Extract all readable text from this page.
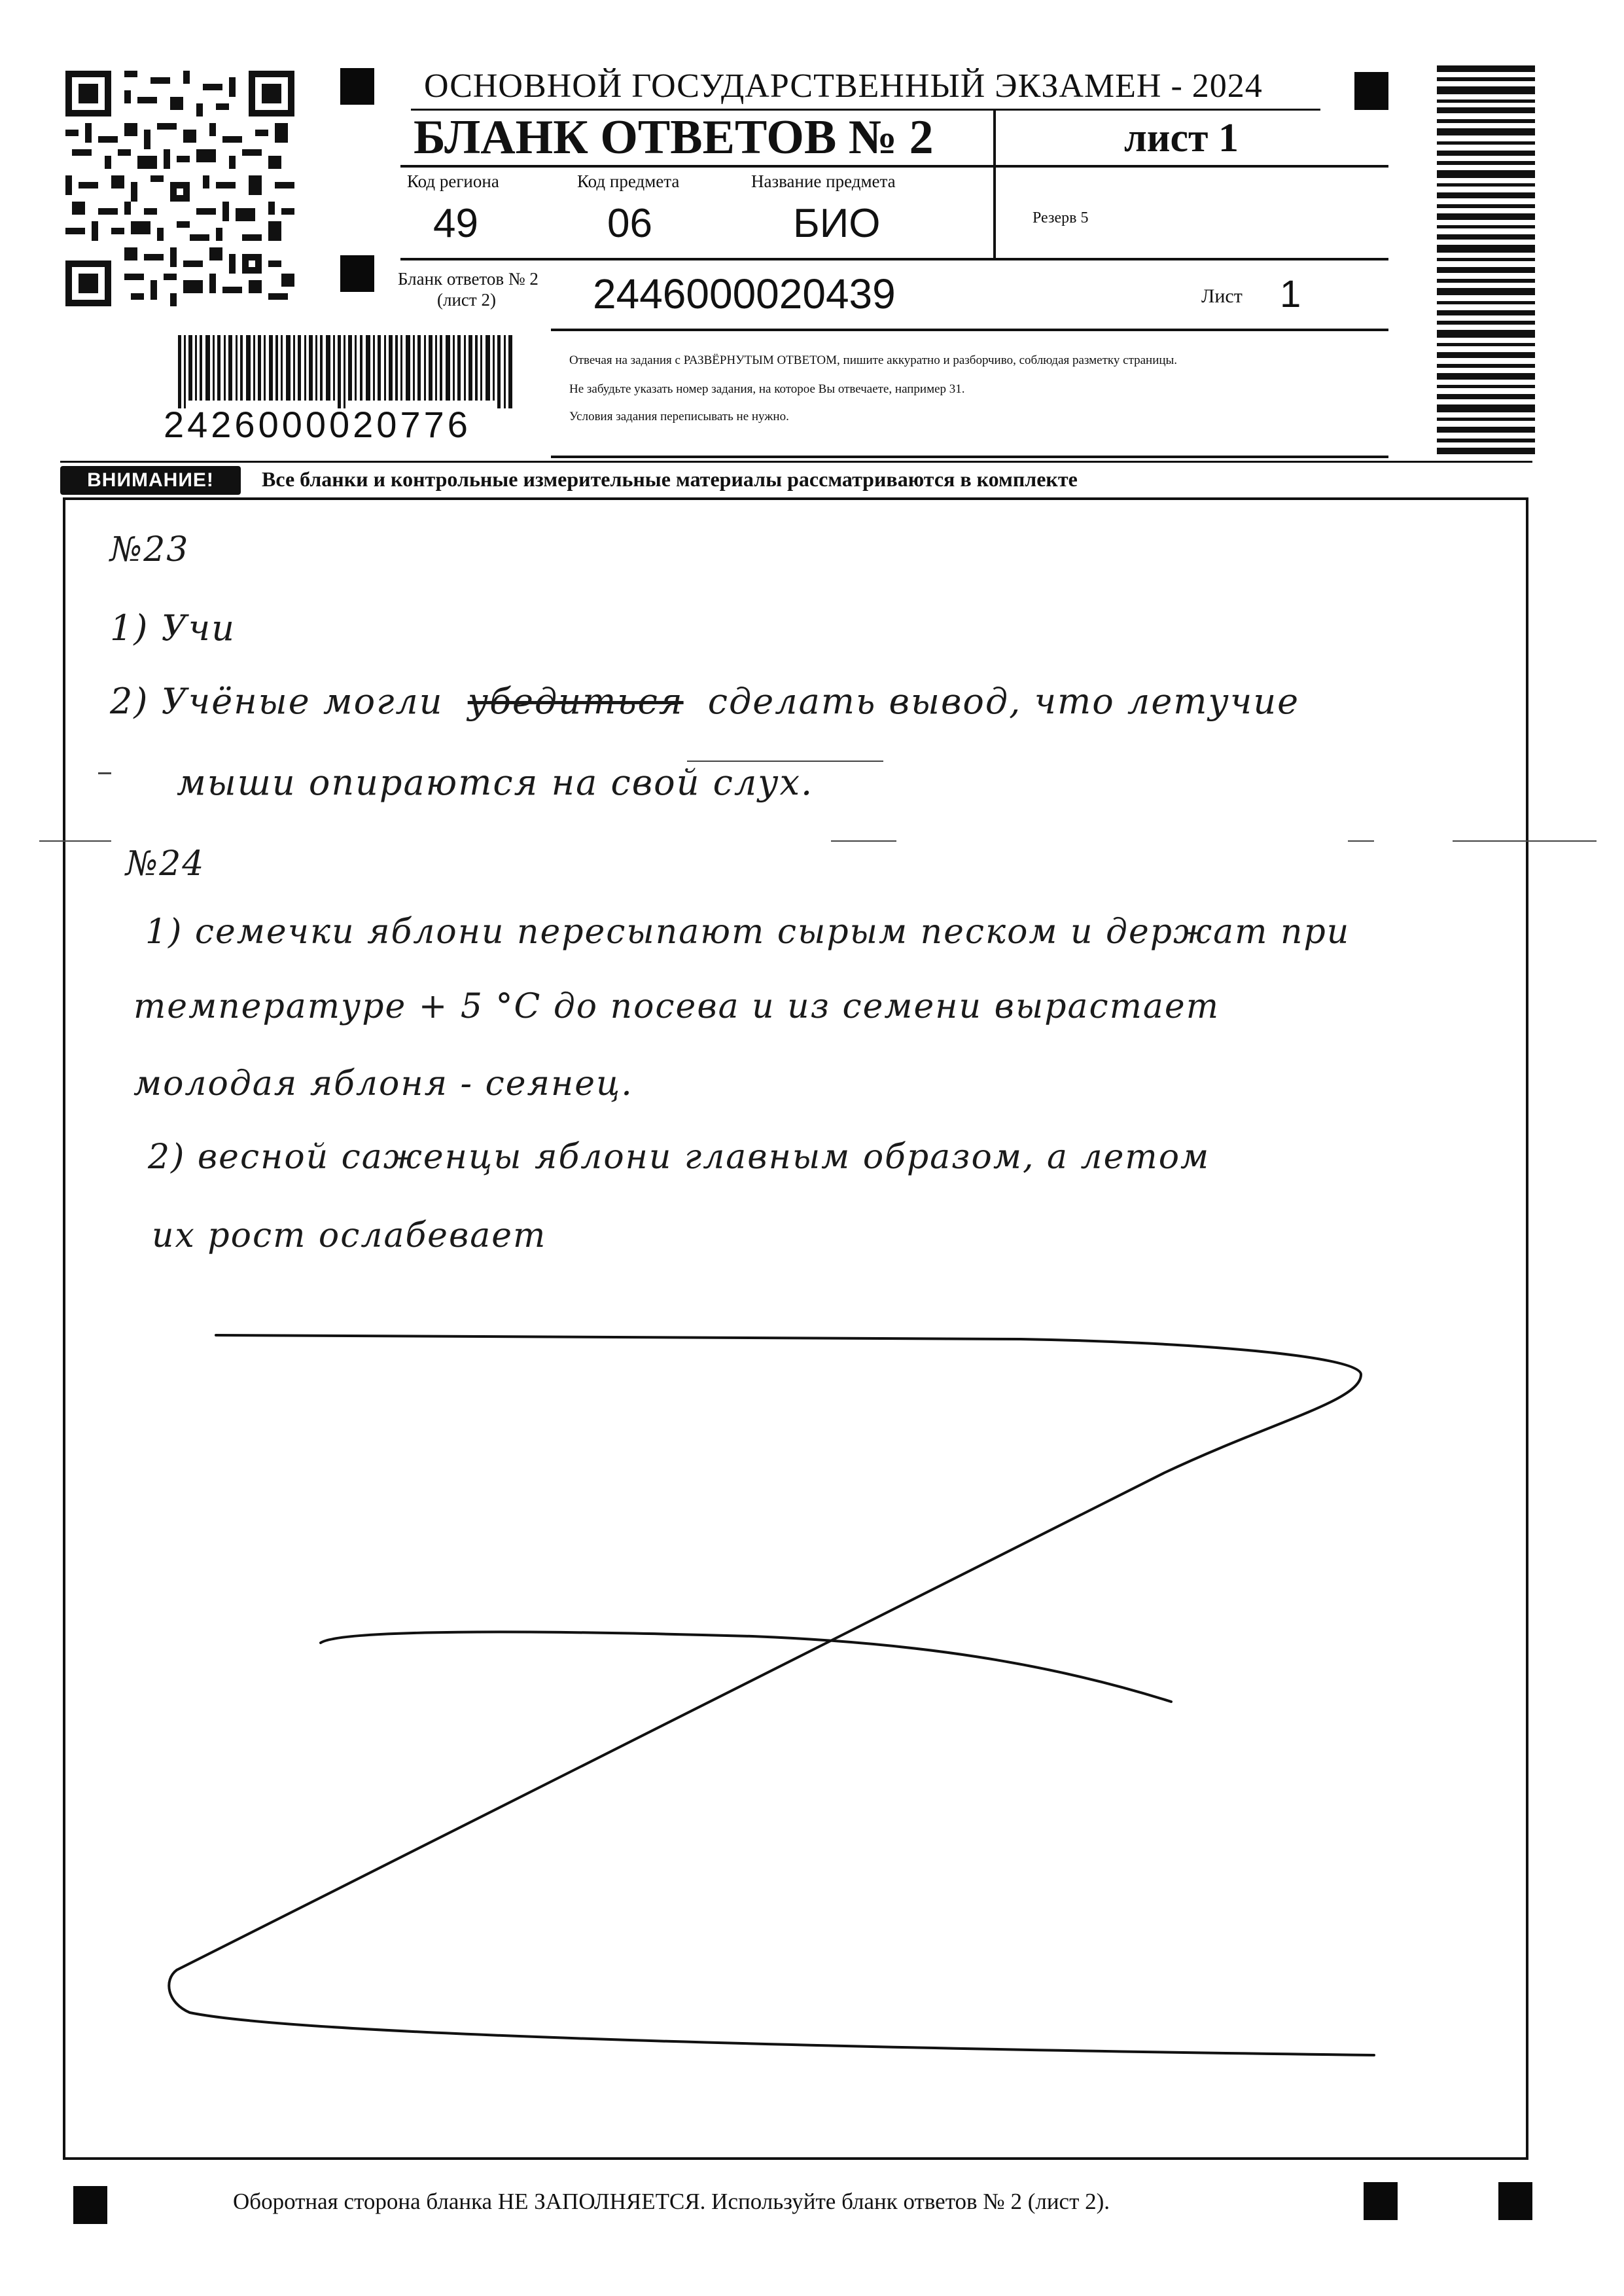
ОСНОВНОЙ ГОСУДАРСТВЕННЫЙ ЭКЗАМЕН - 2024
БЛАНК ОТВЕТОВ № 2	лист 1
Код региона
49
Код предмета
06
Название предмета
БИО	Резерв 5
Бланк ответов № 2
(лист 2)	2446000020439	Лист 1
Отвечая на задания с РАЗВЁРНУТЫМ ОТВЕТОМ, пишите аккуратно и разборчиво, соблюдая разметку страницы.
Не забудьте указать номер задания, на которое Вы отвечаете, например 31.
Условия задания переписывать не нужно.
2426000020776
ВНИМАНИЕ!	Все бланки и контрольные измерительные материалы рассматриваются в комплекте
№23
1) Учи
2) Учёные могли убедиться сделать вывод, что летучие
мыши опираются на свой слух.
№24
1) семечки яблони пересыпают сырым песком и держат при
температуре + 5 °С до посева и из семени вырастает
молодая яблоня - сеянец.
2) весной саженцы яблони главным образом, а летом
их рост ослабевает
Оборотная сторона бланка НЕ ЗАПОЛНЯЕТСЯ. Используйте бланк ответов № 2 (лист 2).
